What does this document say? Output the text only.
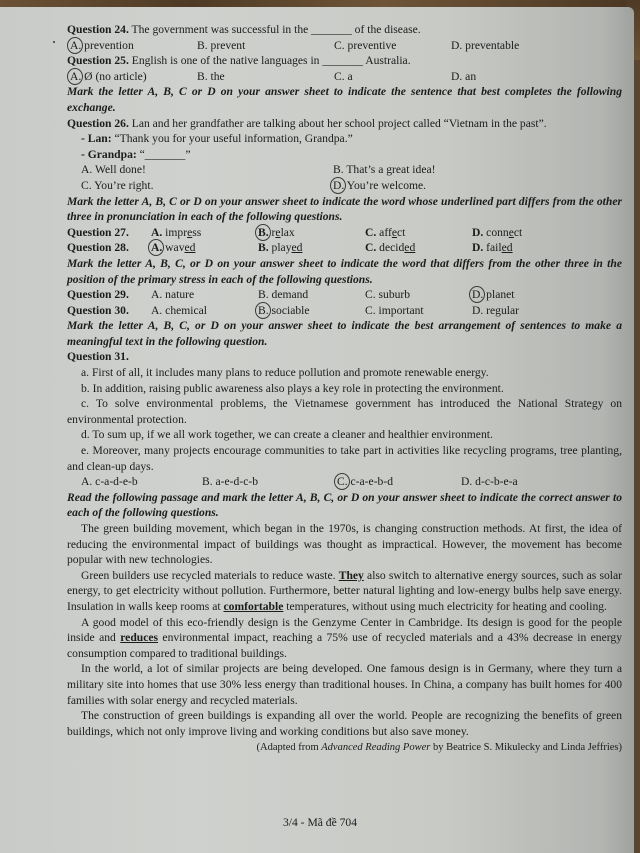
Question 24. The government was successful in the _______ of the disease.
A. prevention	B. prevent	C. preventive	D. preventable
Question 25. English is one of the native languages in _______ Australia.
A. Ø (no article)	B. the	C. a	D. an
Mark the letter A, B, C or D on your answer sheet to indicate the sentence that best completes the following exchange.
Question 26. Lan and her grandfather are talking about her school project called “Vietnam in the past”.
- Lan: “Thank you for your useful information, Grandpa.”
- Grandpa: “_______”
A. Well done!	B. That’s a great idea!
C. You’re right.	D. You’re welcome.
Mark the letter A, B, C or D on your answer sheet to indicate the word whose underlined part differs from the other three in pronunciation in each of the following questions.
Question 27.	A. impress	B. relax	C. affect	D. connect
Question 28.	A. waved	B. played	C. decided	D. failed
Mark the letter A, B, C, or D on your answer sheet to indicate the word that differs from the other three in the position of the primary stress in each of the following questions.
Question 29.	A. nature	B. demand	C. suburb	D. planet
Question 30.	A. chemical	B. sociable	C. important	D. regular
Mark the letter A, B, C, or D on your answer sheet to indicate the best arrangement of sentences to make a meaningful text in the following question.
Question 31.
a. First of all, it includes many plans to reduce pollution and promote renewable energy.
b. In addition, raising public awareness also plays a key role in protecting the environment.
c. To solve environmental problems, the Vietnamese government has introduced the National Strategy on environmental protection.
d. To sum up, if we all work together, we can create a cleaner and healthier environment.
e. Moreover, many projects encourage communities to take part in activities like recycling programs, tree planting, and clean-up days.
A. c-a-d-e-b	B. a-e-d-c-b	C. c-a-e-b-d	D. d-c-b-e-a
Read the following passage and mark the letter A, B, C, or D on your answer sheet to indicate the correct answer to each of the following questions.
The green building movement, which began in the 1970s, is changing construction methods. At first, the idea of reducing the environmental impact of buildings was thought as impractical. However, the movement has become popular with new technologies.
Green builders use recycled materials to reduce waste. They also switch to alternative energy sources, such as solar energy, to get electricity without pollution. Furthermore, better natural lighting and low-energy bulbs help save energy. Insulation in walls keep rooms at comfortable temperatures, without using much electricity for heating and cooling.
A good model of this eco-friendly design is the Genzyme Center in Cambridge. Its design is good for the people inside and reduces environmental impact, reaching a 75% use of recycled materials and a 43% decrease in energy consumption compared to traditional buildings.
In the world, a lot of similar projects are being developed. One famous design is in Germany, where they turn a military site into homes that use 30% less energy than traditional houses. In China, a company has built homes for 400 families with solar energy and recycled materials.
The construction of green buildings is expanding all over the world. People are recognizing the benefits of green buildings, which not only improve living and working conditions but also save money.
(Adapted from Advanced Reading Power by Beatrice S. Mikulecky and Linda Jeffries)
3/4 - Mã đề 704
